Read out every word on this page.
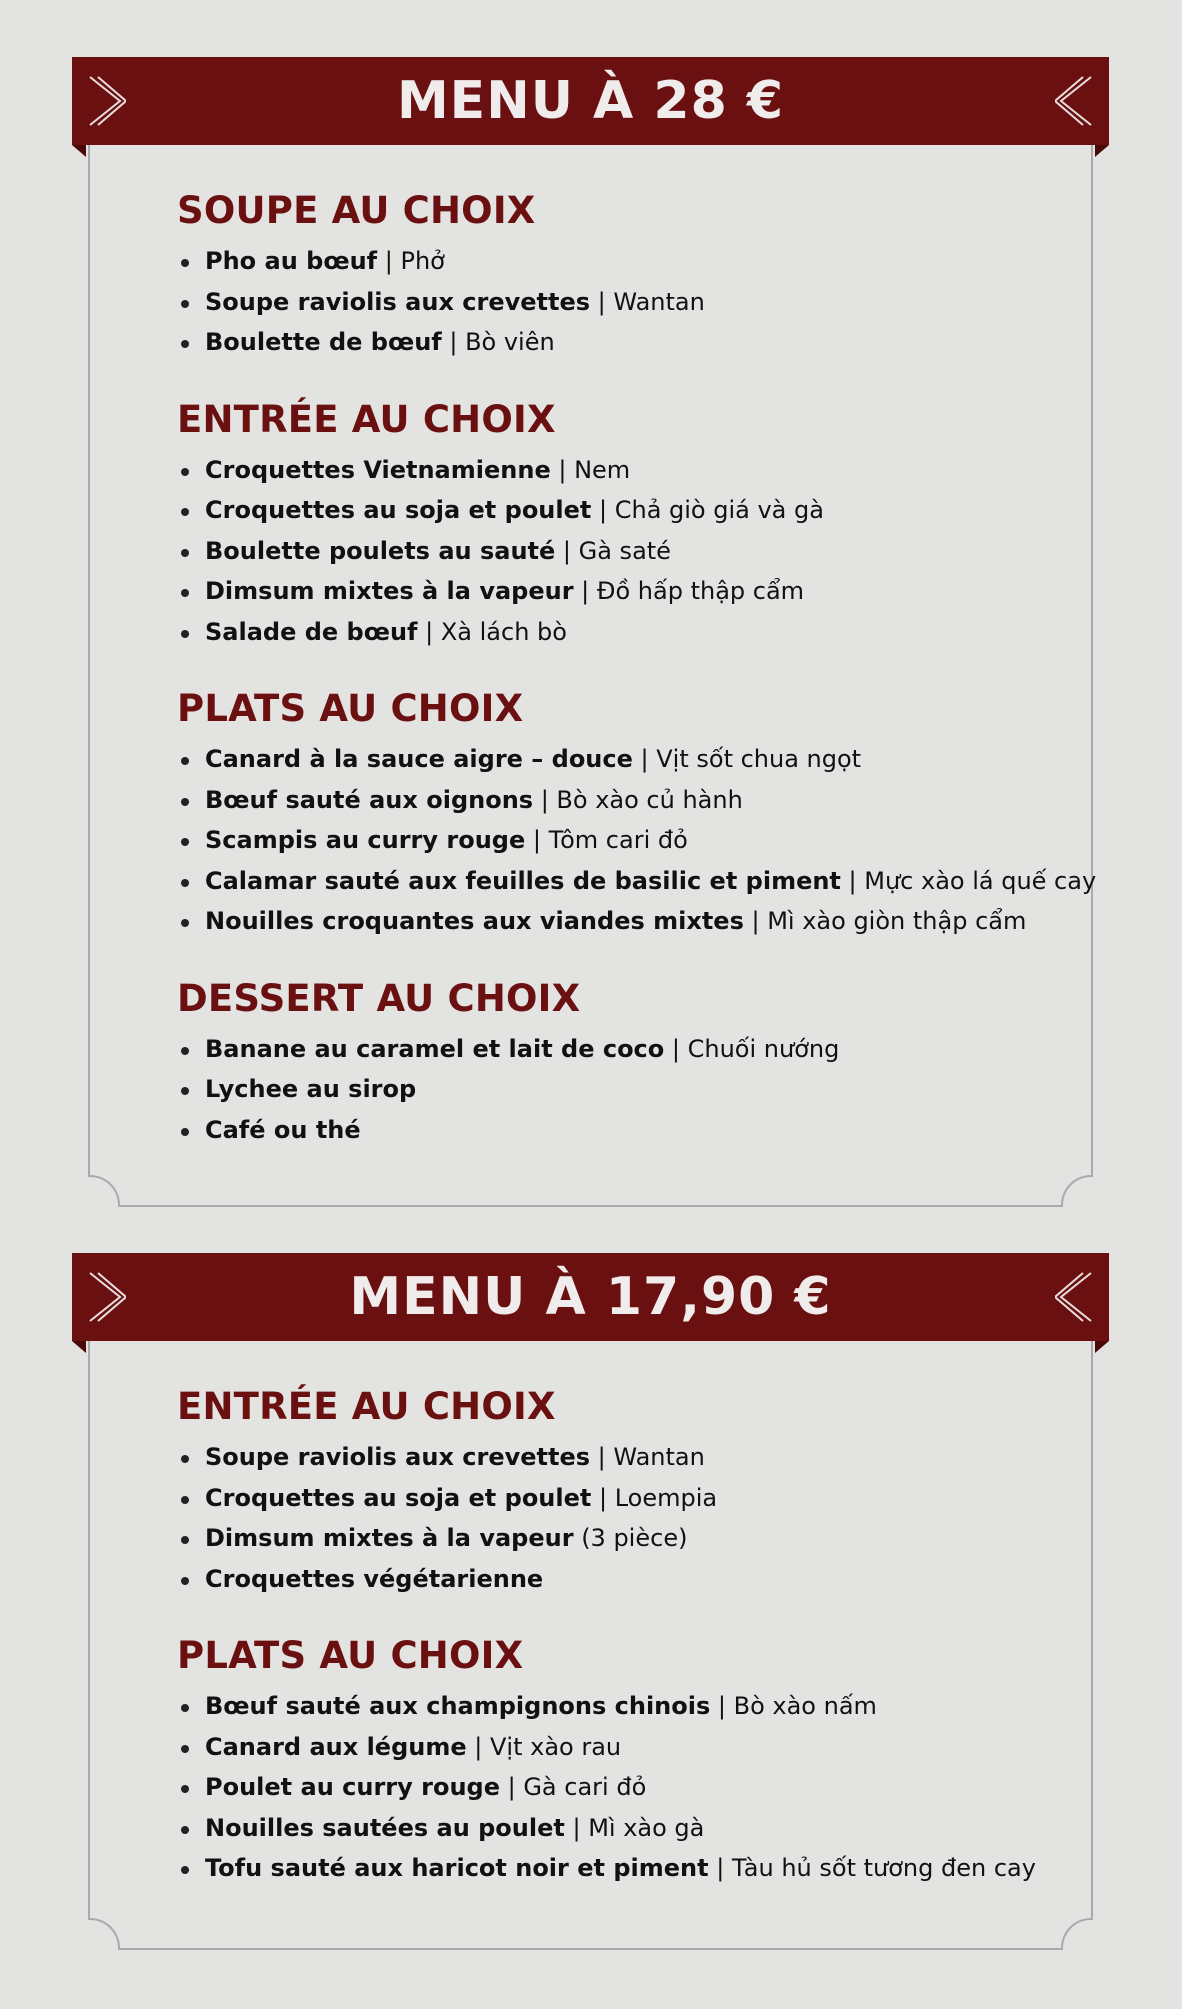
MENU À 28 €
SOUPE AU CHOIX
Pho au bœuf | Phở
Soupe raviolis aux crevettes | Wantan
Boulette de bœuf | Bò viên
ENTRÉE AU CHOIX
Croquettes Vietnamienne | Nem
Croquettes au soja et poulet | Chả giò giá và gà
Boulette poulets au sauté | Gà saté
Dimsum mixtes à la vapeur | Đồ hấp thập cẩm
Salade de bœuf | Xà lách bò
PLATS AU CHOIX
Canard à la sauce aigre – douce | Vịt sốt chua ngọt
Bœuf sauté aux oignons | Bò xào củ hành
Scampis au curry rouge | Tôm cari đỏ
Calamar sauté aux feuilles de basilic et piment | Mực xào lá quế cay
Nouilles croquantes aux viandes mixtes | Mì xào giòn thập cẩm
DESSERT AU CHOIX
Banane au caramel et lait de coco | Chuối nướng
Lychee au sirop
Café ou thé
MENU À 17,90 €
ENTRÉE AU CHOIX
Soupe raviolis aux crevettes | Wantan
Croquettes au soja et poulet | Loempia
Dimsum mixtes à la vapeur (3 pièce)
Croquettes végétarienne
PLATS AU CHOIX
Bœuf sauté aux champignons chinois | Bò xào nấm
Canard aux légume | Vịt xào rau
Poulet au curry rouge | Gà cari đỏ
Nouilles sautées au poulet | Mì xào gà
Tofu sauté aux haricot noir et piment | Tàu hủ sốt tương đen cay
